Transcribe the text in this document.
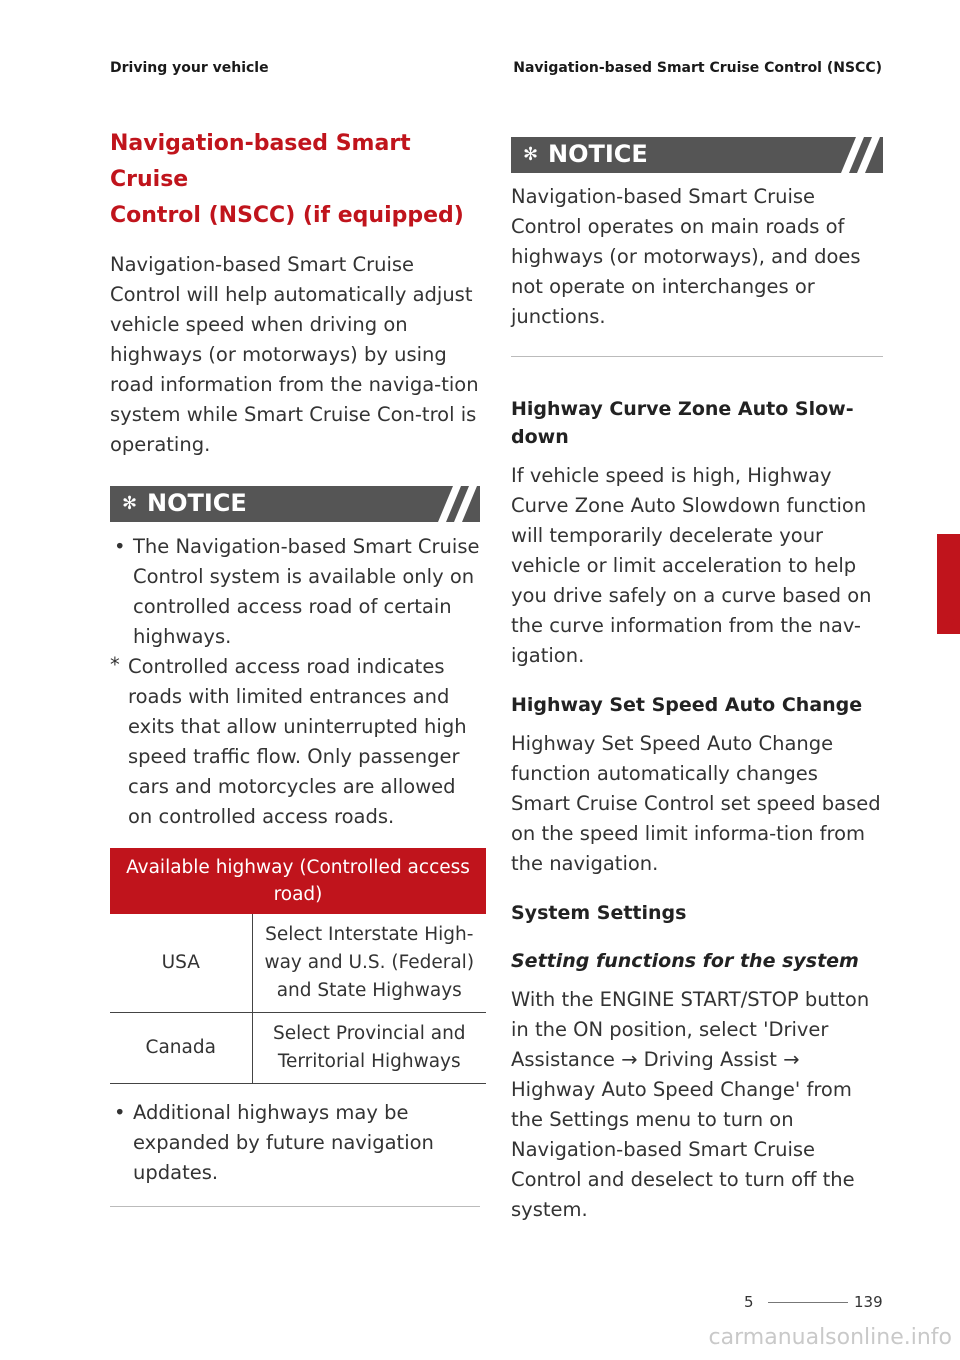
Driving your vehicle	Navigation-based Smart Cruise Control (NSCC)
Navigation-based Smart Cruise
Control (NSCC) (if equipped)

Navigation-based Smart Cruise Control will help automatically adjust vehicle speed when driving on highways (or motorways) by using road information from the naviga-tion system while Smart Cruise Con-trol is operating.

✻ NOTICE
• The Navigation-based Smart Cruise Control system is available only on controlled access road of certain highways.
* Controlled access road indicates roads with limited entrances and exits that allow uninterrupted high speed traffic flow. Only passenger cars and motorcycles are allowed on controlled access roads.
Available highway (Controlled access road)	
USA	Select Interstate High-way and U.S. (Federal) and State Highways
Canada	Select Provincial and Territorial Highways
• Additional highways may be expanded by future navigation updates.
✻ NOTICE

Navigation-based Smart Cruise Control operates on main roads of highways (or motorways), and does not operate on interchanges or junctions.

Highway Curve Zone Auto Slow-down

If vehicle speed is high, Highway Curve Zone Auto Slowdown function will temporarily decelerate your vehicle or limit acceleration to help you drive safely on a curve based on the curve information from the nav-igation.

Highway Set Speed Auto Change

Highway Set Speed Auto Change function automatically changes Smart Cruise Control set speed based on the speed limit informa-tion from the navigation.

System Settings
Setting functions for the system

With the ENGINE START/STOP button in the ON position, select 'Driver Assistance → Driving Assist → Highway Auto Speed Change' from the Settings menu to turn on Navigation-based Smart Cruise Control and deselect to turn off the system.

5
5	139
carmanualsonline.info
